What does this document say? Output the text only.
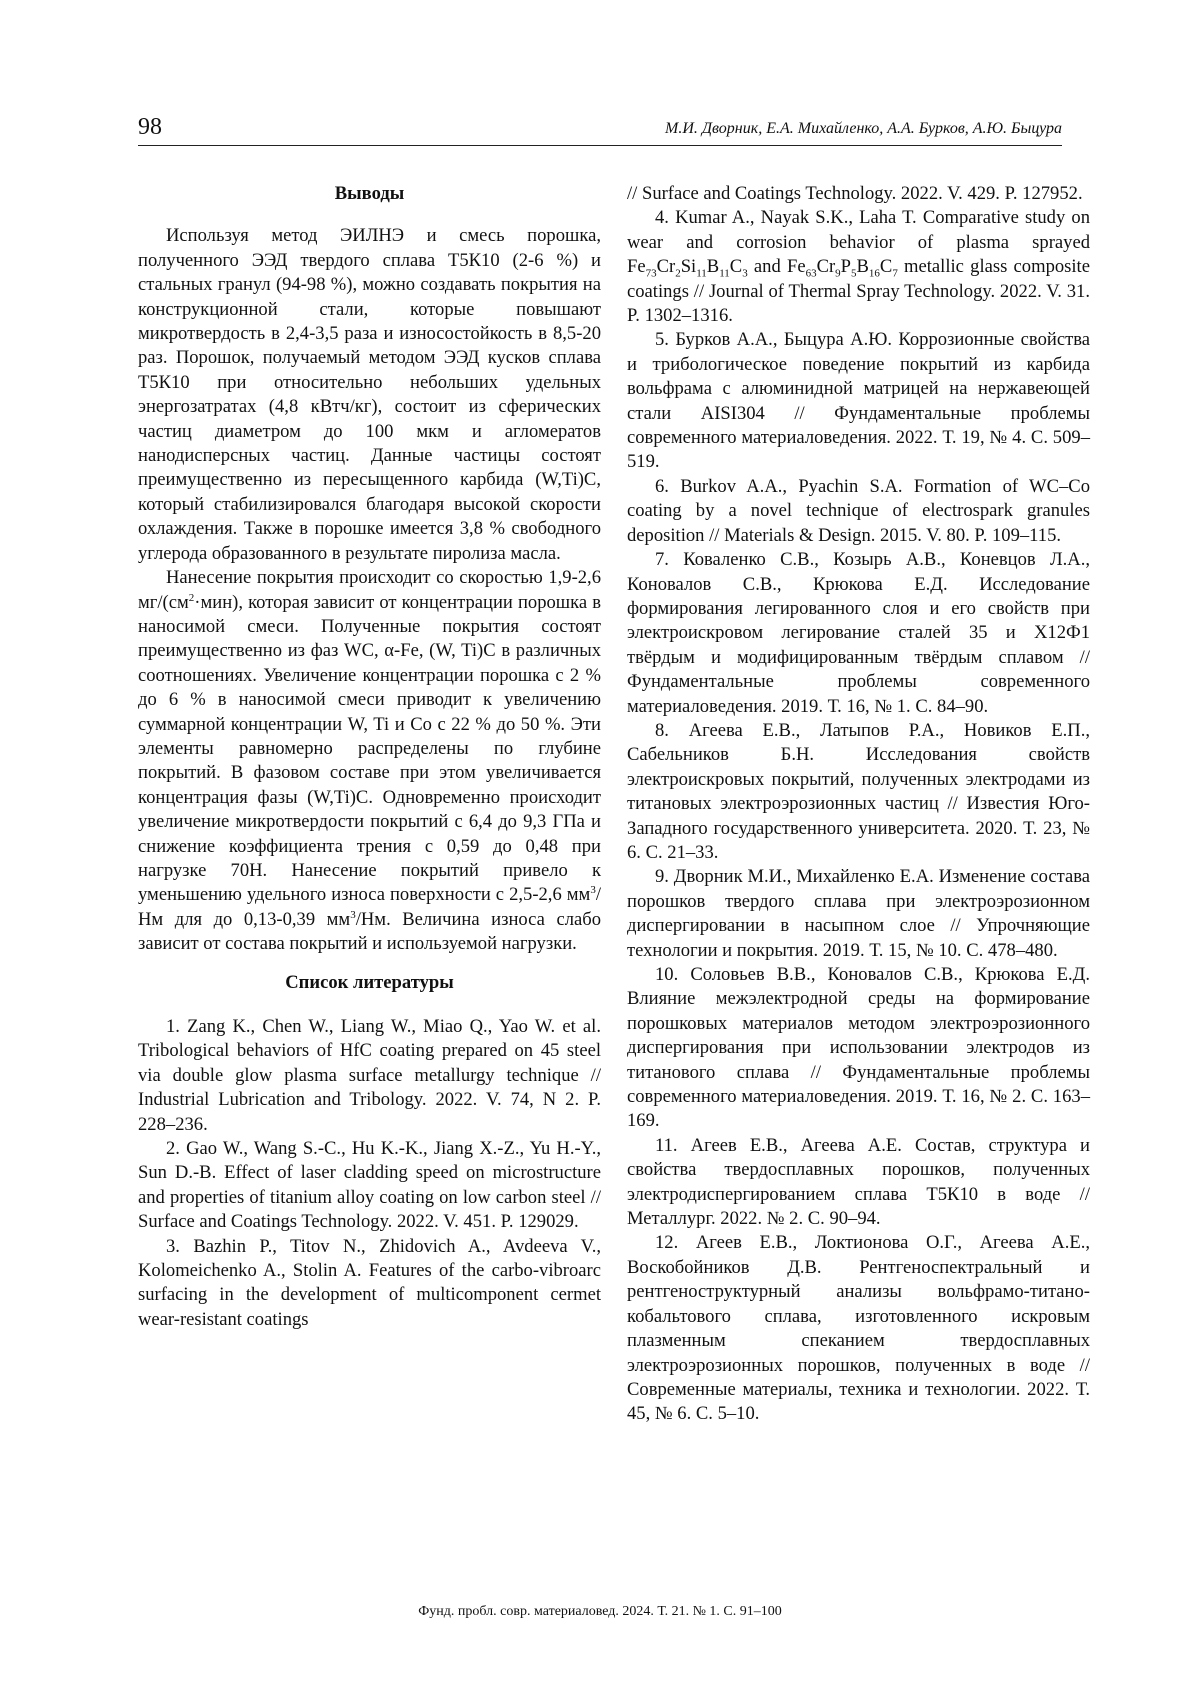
98	М.И. Дворник, Е.А. Михайленко, А.А. Бурков, А.Ю. Быцура
Выводы

Используя метод ЭИЛНЭ и смесь порошка, полученного ЭЭД твердого сплава Т5К10 (2-6 %) и стальных гранул (94-98 %), можно создавать покрытия на конструкционной стали, которые повышают микротвердость в 2,4-3,5 раза и износостойкость в 8,5-20 раз. Порошок, получаемый методом ЭЭД кусков сплава Т5К10 при относительно небольших удельных энергозатратах (4,8 кВтч/кг), состоит из сферических частиц диаметром до 100 мкм и агломератов нанодисперсных частиц. Данные частицы состоят преимущественно из пересыщенного карбида (W,Ti)C, который стабилизировался благодаря высокой скорости охлаждения. Также в порошке имеется 3,8 % свободного углерода образованного в результате пиролиза масла.

Нанесение покрытия происходит со скоростью 1,9-2,6 $мг/(см^2\cdot мин)$, которая зависит от концентрации порошка в наносимой смеси. Полученные покрытия состоят преимущественно из фаз WC, α-Fe, (W, Ti)C в различных соотношениях. Увеличение концентрации порошка с 2 % до 6 % в наносимой смеси приводит к увеличению суммарной концентрации W, Ti и Co с 22 % до 50 %. Эти элементы равномерно распределены по глубине покрытий. В фазовом составе при этом увеличивается концентрация фазы (W,Ti)C. Одновременно происходит увеличение микротвердости покрытий с 6,4 до 9,3 ГПа и снижение коэффициента трения с 0,59 до 0,48 при нагрузке 70Н. Нанесение покрытий привело к уменьшению удельного износа поверхности с 2,5-2,6 $мм^3/Нм$ для до 0,13-0,39 $мм^3/Нм$. Величина износа слабо зависит от состава покрытий и используемой нагрузки.

Список литературы

1. Zang K., Chen W., Liang W., Miao Q., Yao W. et al. Tribological behaviors of HfC coating prepared on 45 steel via double glow plasma surface metallurgy technique // Industrial Lubrication and Tribology. 2022. V. 74, N 2. P. 228–236.

2. Gao W., Wang S.-C., Hu K.-K., Jiang X.-Z., Yu H.-Y., Sun D.-B. Effect of laser cladding speed on microstructure and properties of titanium alloy coating on low carbon steel // Surface and Coatings Technology. 2022. V. 451. P. 129029.

3. Bazhin P., Titov N., Zhidovich A., Avdeeva V., Kolomeichenko A., Stolin A. Features of the carbo-vibroarc surfacing in the development of multicomponent cermet wear-resistant coatings

// Surface and Coatings Technology. 2022. V. 429. P. 127952.

4. Kumar A., Nayak S.K., Laha T. Comparative study on wear and corrosion behavior of plasma sprayed $Fe_{73}Cr_2Si_{11}B_{11}C_3$ and $Fe_{63}Cr_9P_5B_{16}C_7$ metallic glass composite coatings // Journal of Thermal Spray Technology. 2022. V. 31. P. 1302–1316.

5. Бурков А.А., Быцура А.Ю. Коррозионные свойства и трибологическое поведение покрытий из карбида вольфрама с алюминидной матрицей на нержавеющей стали AISI304 // Фундаментальные проблемы современного материаловедения. 2022. Т. 19, № 4. С. 509–519.

6. Burkov A.A., Pyachin S.A. Formation of WC–Co coating by a novel technique of electrospark granules deposition // Materials & Design. 2015. V. 80. P. 109–115.

7. Коваленко С.В., Козырь А.В., Коневцов Л.А., Коновалов С.В., Крюкова Е.Д. Исследование формирования легированного слоя и его свойств при электроискровом легирование сталей 35 и Х12Ф1 твёрдым и модифицированным твёрдым сплавом // Фундаментальные проблемы современного материаловедения. 2019. Т. 16, № 1. С. 84–90.

8. Агеева Е.В., Латыпов Р.А., Новиков Е.П., Сабельников Б.Н. Исследования свойств электроискровых покрытий, полученных электродами из титановых электроэрозионных частиц // Известия Юго-Западного государственного университета. 2020. Т. 23, № 6. С. 21–33.

9. Дворник М.И., Михайленко Е.А. Изменение состава порошков твердого сплава при электроэрозионном диспергировании в насыпном слое // Упрочняющие технологии и покрытия. 2019. Т. 15, № 10. С. 478–480.

10. Соловьев В.В., Коновалов С.В., Крюкова Е.Д. Влияние межэлектродной среды на формирование порошковых материалов методом электроэрозионного диспергирования при использовании электродов из титанового сплава // Фундаментальные проблемы современного материаловедения. 2019. Т. 16, № 2. С. 163–169.

11. Агеев Е.В., Агеева А.Е. Состав, структура и свойства твердосплавных порошков, полученных электродиспергированием сплава Т5К10 в воде // Металлург. 2022. № 2. С. 90–94.

12. Агеев Е.В., Локтионова О.Г., Агеева А.Е., Воскобойников Д.В. Рентгеноспектральный и рентгеноструктурный анализы вольфрамо-титано-кобальтового сплава, изготовленного искровым плазменным спеканием твердосплавных электроэрозионных порошков, полученных в воде // Современные материалы, техника и технологии. 2022. Т. 45, № 6. С. 5–10.

Фунд. пробл. совр. материаловед. 2024. Т. 21. № 1. С. 91–100
